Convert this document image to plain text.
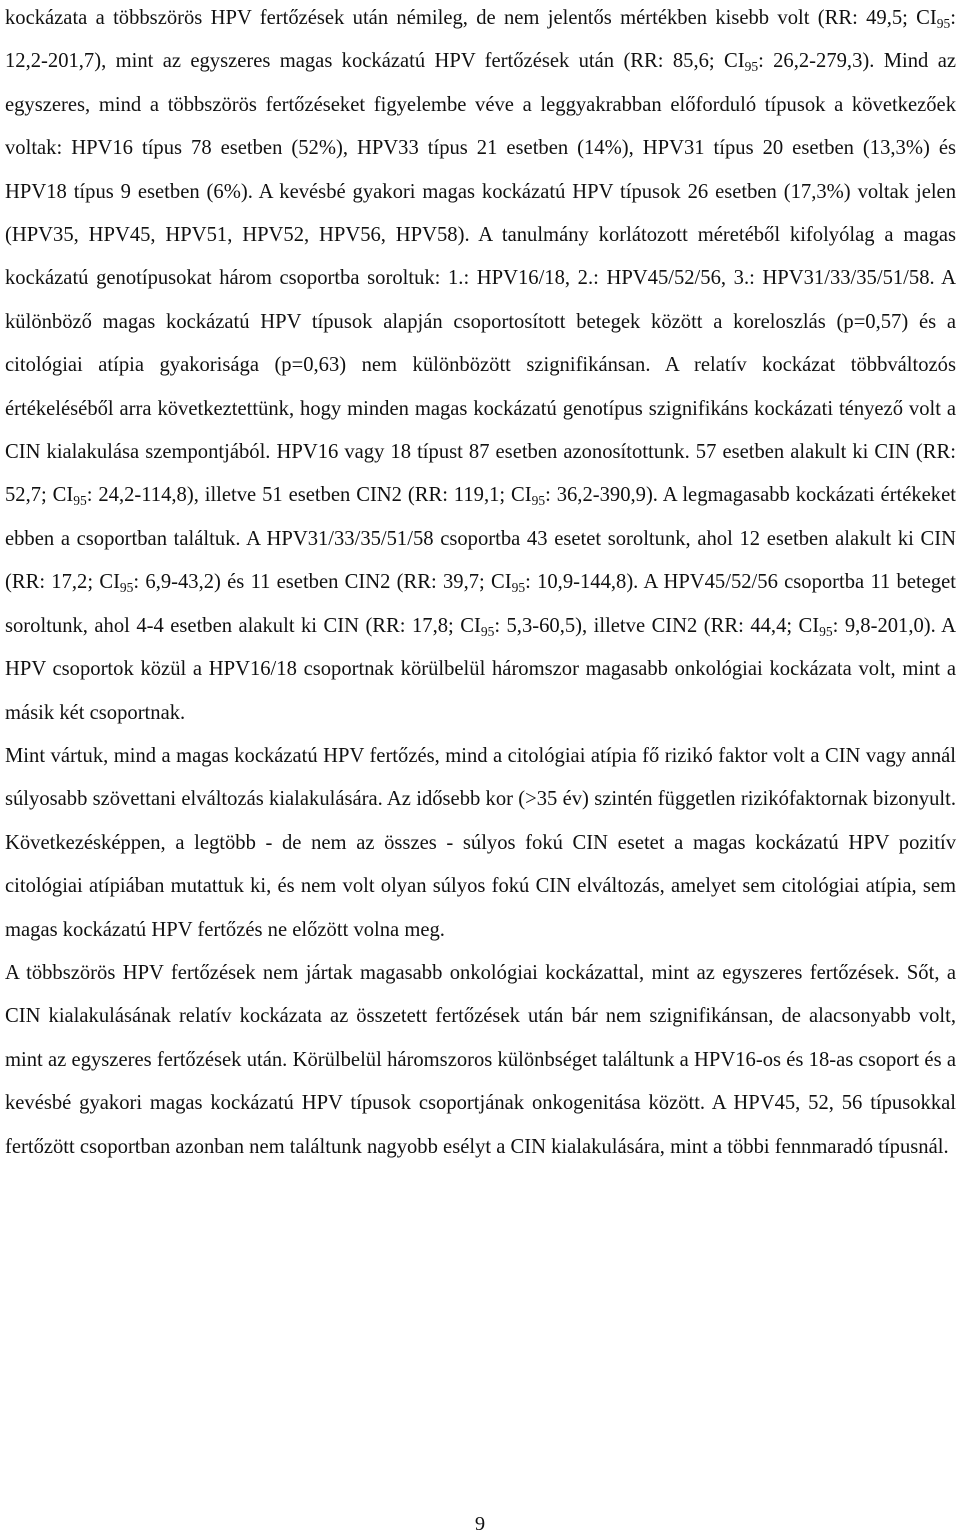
kockázata a többszörös HPV fertőzések után némileg, de nem jelentős mértékben kisebb volt (RR: 49,5; $CI_{95}$: 12,2-201,7), mint az egyszeres magas kockázatú HPV fertőzések után (RR: 85,6; $CI_{95}$: 26,2-279,3). Mind az egyszeres, mind a többszörös fertőzéseket figyelembe véve a leggyakrabban előforduló típusok a következőek voltak: HPV16 típus 78 esetben (52%), HPV33 típus 21 esetben (14%), HPV31 típus 20 esetben (13,3%) és HPV18 típus 9 esetben (6%). A kevésbé gyakori magas kockázatú HPV típusok 26 esetben (17,3%) voltak jelen (HPV35, HPV45, HPV51, HPV52, HPV56, HPV58). A tanulmány korlátozott méretéből kifolyólag a magas kockázatú genotípusokat három csoportba soroltuk: 1.: HPV16/18, 2.: HPV45/52/56, 3.: HPV31/33/35/51/58. A különböző magas kockázatú HPV típusok alapján csoportosított betegek között a koreloszlás (p=0,57) és a citológiai atípia gyakorisága (p=0,63) nem különbözött szignifikánsan. A relatív kockázat többváltozós értékeléséből arra következtettünk, hogy minden magas kockázatú genotípus szignifikáns kockázati tényező volt a CIN kialakulása szempontjából. HPV16 vagy 18 típust 87 esetben azonosítottunk. 57 esetben alakult ki CIN (RR: 52,7; $CI_{95}$: 24,2-114,8), illetve 51 esetben CIN2 (RR: 119,1; $CI_{95}$: 36,2-390,9). A legmagasabb kockázati értékeket ebben a csoportban találtuk. A HPV31/33/35/51/58 csoportba 43 esetet soroltunk, ahol 12 esetben alakult ki CIN (RR: 17,2; $CI_{95}$: 6,9-43,2) és 11 esetben CIN2 (RR: 39,7; $CI_{95}$: 10,9-144,8). A HPV45/52/56 csoportba 11 beteget soroltunk, ahol 4-4 esetben alakult ki CIN (RR: 17,8; $CI_{95}$: 5,3-60,5), illetve CIN2 (RR: 44,4; $CI_{95}$: 9,8-201,0). A HPV csoportok közül a HPV16/18 csoportnak körülbelül háromszor magasabb onkológiai kockázata volt, mint a másik két csoportnak.

Mint vártuk, mind a magas kockázatú HPV fertőzés, mind a citológiai atípia fő rizikó faktor volt a CIN vagy annál súlyosabb szövettani elváltozás kialakulására. Az idősebb kor (>35 év) szintén független rizikófaktornak bizonyult. Következésképpen, a legtöbb - de nem az összes - súlyos fokú CIN esetet a magas kockázatú HPV pozitív citológiai atípiában mutattuk ki, és nem volt olyan súlyos fokú CIN elváltozás, amelyet sem citológiai atípia, sem magas kockázatú HPV fertőzés ne előzött volna meg.

A többszörös HPV fertőzések nem jártak magasabb onkológiai kockázattal, mint az egyszeres fertőzések. Sőt, a CIN kialakulásának relatív kockázata az összetett fertőzések után bár nem szignifikánsan, de alacsonyabb volt, mint az egyszeres fertőzések után. Körülbelül háromszoros különbséget találtunk a HPV16-os és 18-as csoport és a kevésbé gyakori magas kockázatú HPV típusok csoportjának onkogenitása között. A HPV45, 52, 56 típusokkal fertőzött csoportban azonban nem találtunk nagyobb esélyt a CIN kialakulására, mint a többi fennmaradó típusnál.

9
